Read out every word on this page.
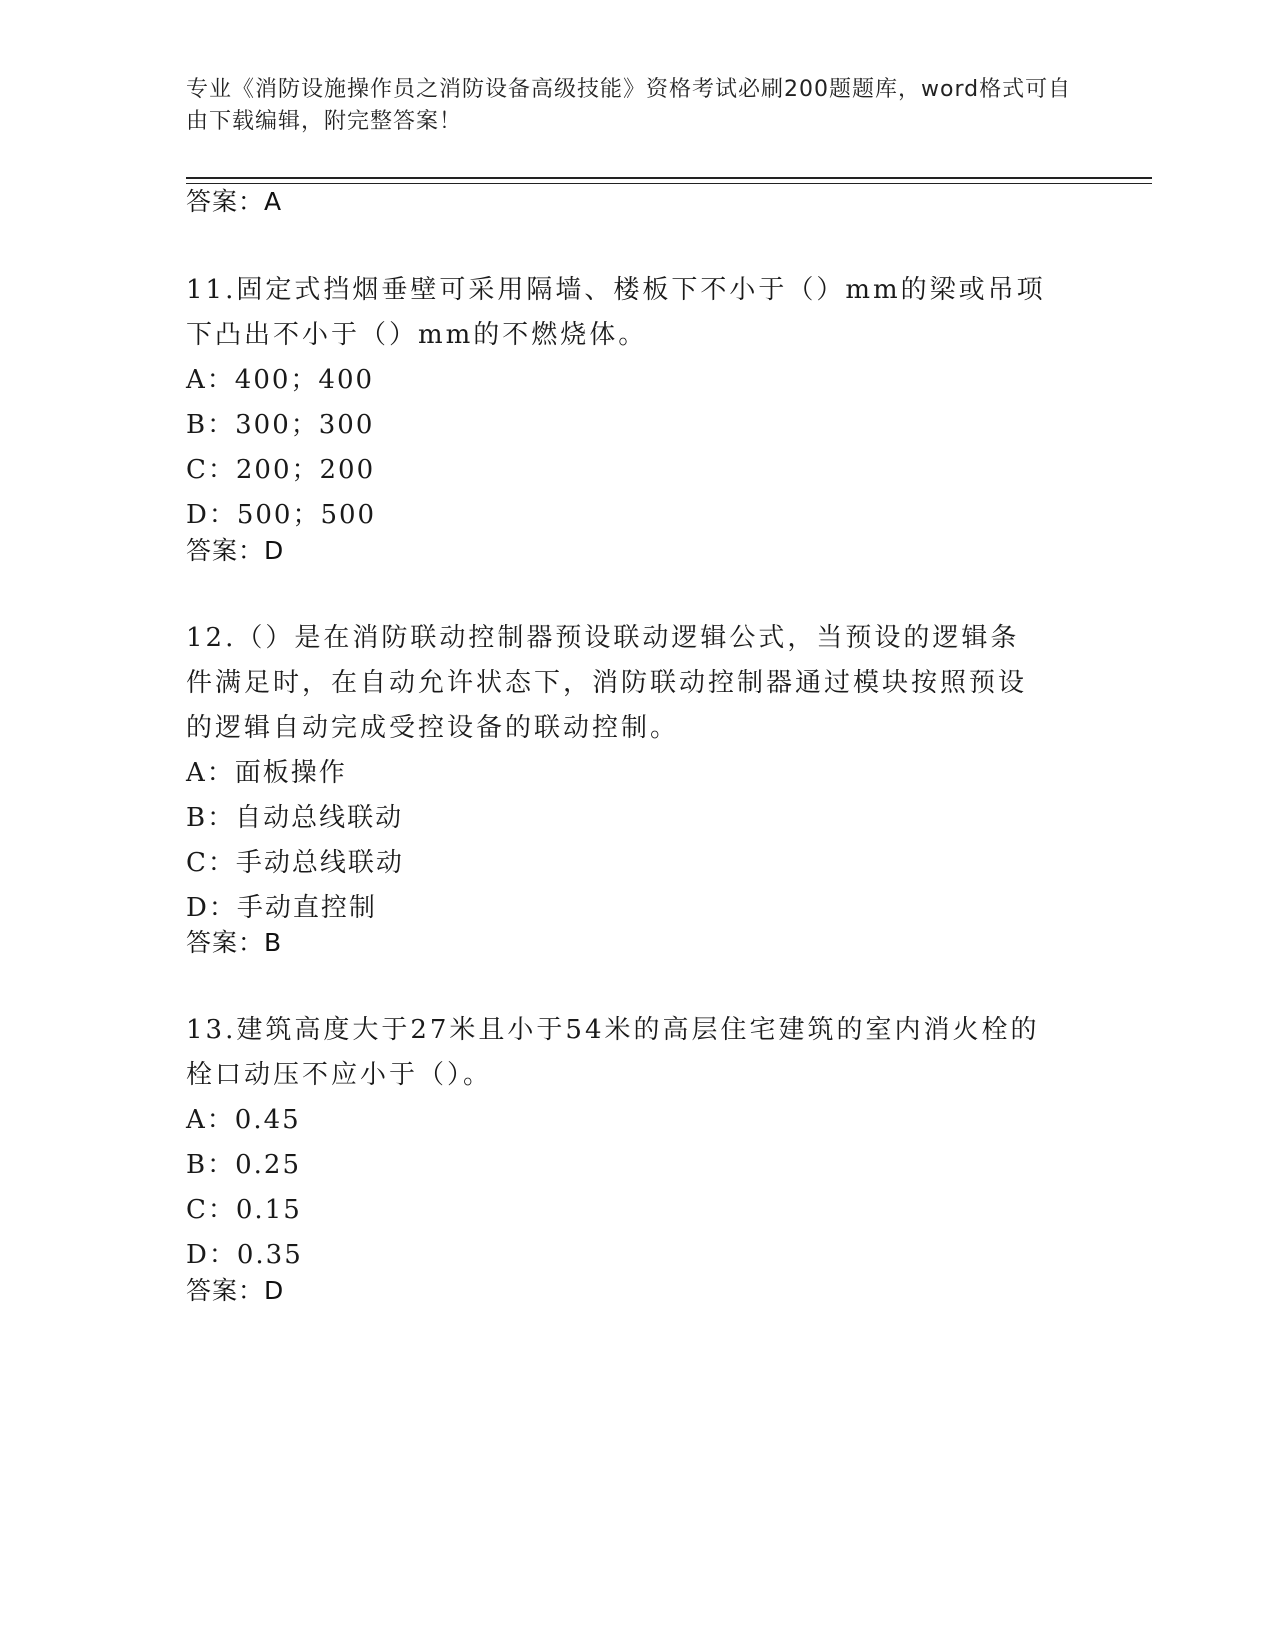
专业《消防设施操作员之消防设备高级技能》资格考试必刷200题题库，word格式可自由下载编辑，附完整答案！
答案：A
11.固定式挡烟垂壁可采用隔墙、楼板下不小于（）mm的梁或吊项下凸出不小于（）mm的不燃烧体。
A：400；400
B：300；300
C：200；200
D：500；500
答案：D
12.（）是在消防联动控制器预设联动逻辑公式，当预设的逻辑条件满足时，在自动允许状态下，消防联动控制器通过模块按照预设的逻辑自动完成受控设备的联动控制。
A：面板操作
B：自动总线联动
C：手动总线联动
D：手动直控制
答案：B
13.建筑高度大于27米且小于54米的高层住宅建筑的室内消火栓的栓口动压不应小于（）。
A：0.45
B：0.25
C：0.15
D：0.35
答案：D
